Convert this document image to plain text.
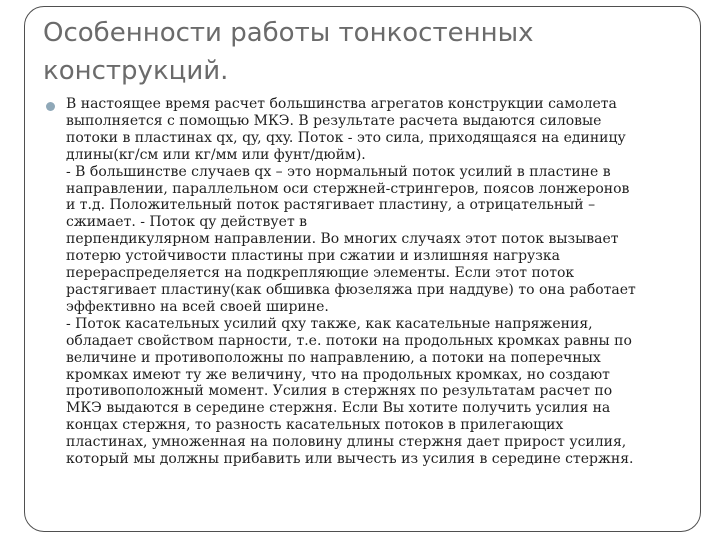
Особенности работы тонкостенных
конструкций.
В настоящее время расчет большинства агрегатов конструкции самолета
выполняется с помощью МКЭ. В результате расчета выдаются силовые
потоки в пластинах qx, qy, qxy. Поток - это сила, приходящаяся на единицу
длины(кг/см или кг/мм или фунт/дюйм).
- В большинстве случаев qx – это нормальный поток усилий в пластине в
направлении, параллельном оси стержней-стрингеров, поясов лонжеронов
и т.д. Положительный поток растягивает пластину, а отрицательный –
сжимает. - Поток qy действует в
перпендикулярном направлении. Во многих случаях этот поток вызывает
потерю устойчивости пластины при сжатии и излишняя нагрузка
перераспределяется на подкрепляющие элементы. Если этот поток
растягивает пластину(как обшивка фюзеляжа при наддуве) то она работает
эффективно на всей своей ширине.
- Поток касательных усилий qxy также, как касательные напряжения,
обладает свойством парности, т.е. потоки на продольных кромках равны по
величине и противоположны по направлению, а потоки на поперечных
кромках имеют ту же величину, что на продольных кромках, но создают
противоположный момент. Усилия в стержнях по результатам расчет по
МКЭ выдаются в середине стержня. Если Вы хотите получить усилия на
концах стержня, то разность касательных потоков в прилегающих
пластинах, умноженная на половину длины стержня дает прирост усилия,
который мы должны прибавить или вычесть из усилия в середине стержня.
